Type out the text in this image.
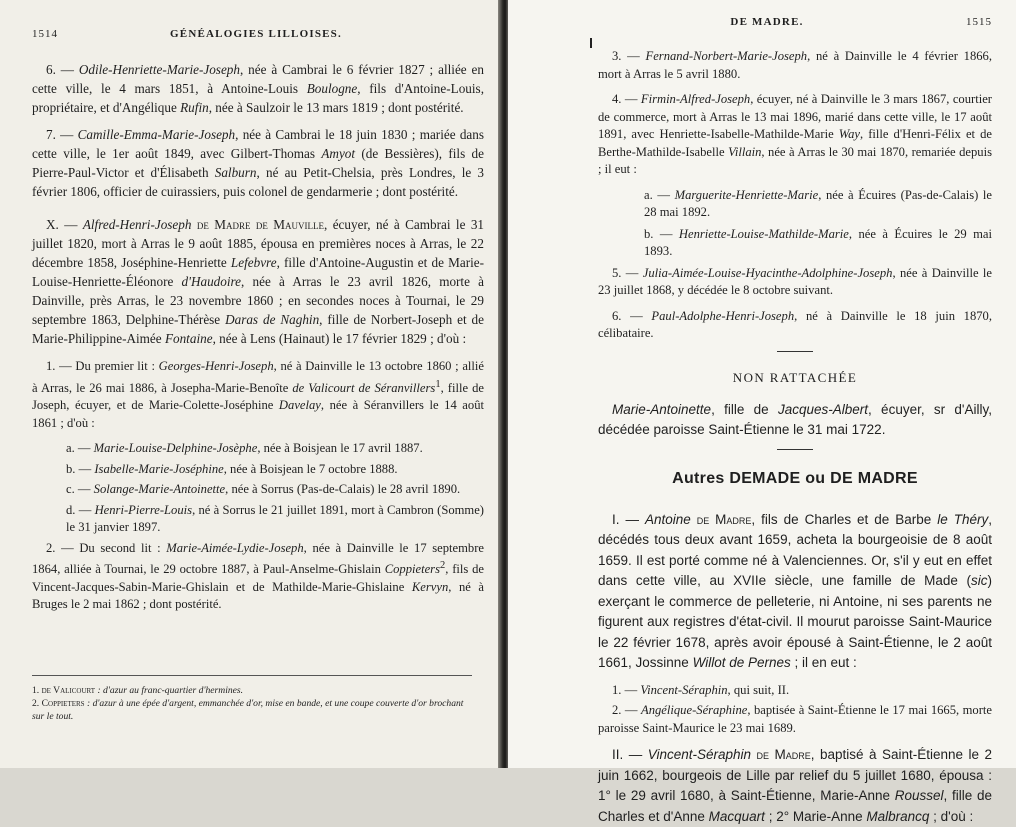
1514	GÉNÉALOGIES LILLOISES.

6. — Odile-Henriette-Marie-Joseph, née à Cambrai le 6 février 1827 ; alliée en cette ville, le 4 mars 1851, à Antoine-Louis Boulogne, fils d'Antoine-Louis, propriétaire, et d'Angélique Rufin, née à Saulzoir le 13 mars 1819 ; dont postérité.

7. — Camille-Emma-Marie-Joseph, née à Cambrai le 18 juin 1830 ; mariée dans cette ville, le 1er août 1849, avec Gilbert-Thomas Amyot (de Bessières), fils de Pierre-Paul-Victor et d'Élisabeth Salburn, né au Petit-Chelsia, près Londres, le 3 février 1806, officier de cuirassiers, puis colonel de gendarmerie ; dont postérité.

X. — Alfred-Henri-Joseph de Madre de Mauville, écuyer, né à Cambrai le 31 juillet 1820, mort à Arras le 9 août 1885, épousa en premières noces à Arras, le 22 décembre 1858, Joséphine-Henriette Lefebvre, fille d'Antoine-Augustin et de Marie-Louise-Henriette-Éléonore d'Haudoire, née à Arras le 23 avril 1826, morte à Dainville, près Arras, le 23 novembre 1860 ; en secondes noces à Tournai, le 29 septembre 1863, Delphine-Thérèse Daras de Naghin, fille de Norbert-Joseph et de Marie-Philippine-Aimée Fontaine, née à Lens (Hainaut) le 17 février 1829 ; d'où :

1. — Du premier lit : Georges-Henri-Joseph, né à Dainville le 13 octobre 1860 ; allié à Arras, le 26 mai 1886, à Josepha-Marie-Benoîte de Valicourt de Séranvillers$^1$, fille de Joseph, écuyer, et de Marie-Colette-Joséphine Davelay, née à Séranvillers le 14 août 1861 ; d'où :

a. — Marie-Louise-Delphine-Josèphe, née à Boisjean le 17 avril 1887.

b. — Isabelle-Marie-Joséphine, née à Boisjean le 7 octobre 1888.

c. — Solange-Marie-Antoinette, née à Sorrus (Pas-de-Calais) le 28 avril 1890.

d. — Henri-Pierre-Louis, né à Sorrus le 21 juillet 1891, mort à Cambron (Somme) le 31 janvier 1897.

2. — Du second lit : Marie-Aimée-Lydie-Joseph, née à Dainville le 17 septembre 1864, alliée à Tournai, le 29 octobre 1887, à Paul-Anselme-Ghislain Coppieters$^2$, fils de Vincent-Jacques-Sabin-Marie-Ghislain et de Mathilde-Marie-Ghislaine Kervyn, né à Bruges le 2 mai 1862 ; dont postérité.

1. de Valicourt : d'azur au franc-quartier d'hermines.
2. Coppieters : d'azur à une épée d'argent, emmanchée d'or, mise en bande, et une coupe couverte d'or brochant sur le tout.
DE MADRE.	1515

3. — Fernand-Norbert-Marie-Joseph, né à Dainville le 4 février 1866, mort à Arras le 5 avril 1880.

4. — Firmin-Alfred-Joseph, écuyer, né à Dainville le 3 mars 1867, courtier de commerce, mort à Arras le 13 mai 1896, marié dans cette ville, le 17 août 1891, avec Henriette-Isabelle-Mathilde-Marie Way, fille d'Henri-Félix et de Berthe-Mathilde-Isabelle Villain, née à Arras le 30 mai 1870, remariée depuis ; il eut :

a. — Marguerite-Henriette-Marie, née à Écuires (Pas-de-Calais) le 28 mai 1892.

b. — Henriette-Louise-Mathilde-Marie, née à Écuires le 29 mai 1893.

5. — Julia-Aimée-Louise-Hyacinthe-Adolphine-Joseph, née à Dainville le 23 juillet 1868, y décédée le 8 octobre suivant.

6. — Paul-Adolphe-Henri-Joseph, né à Dainville le 18 juin 1870, célibataire.

NON RATTACHÉE

Marie-Antoinette, fille de Jacques-Albert, écuyer, sr d'Ailly, décédée paroisse Saint-Étienne le 31 mai 1722.

Autres DEMADE ou DE MADRE

I. — Antoine de Madre, fils de Charles et de Barbe le Théry, décédés tous deux avant 1659, acheta la bourgeoisie de 8 août 1659. Il est porté comme né à Valenciennes. Or, s'il y eut en effet dans cette ville, au XVIIe siècle, une famille de Made (sic) exerçant le commerce de pelleterie, ni Antoine, ni ses parents ne figurent aux registres d'état-civil. Il mourut paroisse Saint-Maurice le 22 février 1678, après avoir épousé à Saint-Étienne, le 2 août 1661, Jossinne Willot de Pernes ; il en eut :

1. — Vincent-Séraphin, qui suit, II.

2. — Angélique-Séraphine, baptisée à Saint-Étienne le 17 mai 1665, morte paroisse Saint-Maurice le 23 mai 1689.

II. — Vincent-Séraphin de Madre, baptisé à Saint-Étienne le 2 juin 1662, bourgeois de Lille par relief du 5 juillet 1680, épousa : 1° le 29 avril 1680, à Saint-Étienne, Marie-Anne Roussel, fille de Charles et d'Anne Macquart ; 2° Marie-Anne Malbrancq ; d'où :
